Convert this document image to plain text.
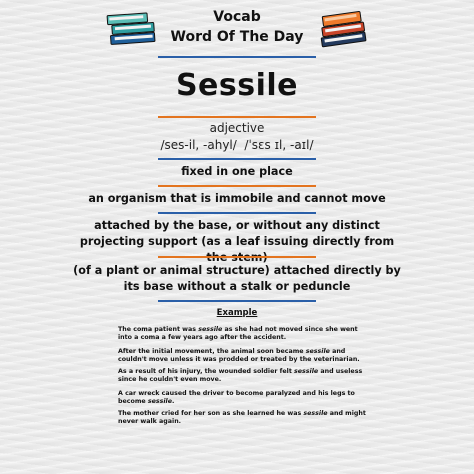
Vocab
Word Of The Day
Sessile
adjective
/ses-il, -ahyl/  /ˈsɛs ɪl, -aɪl/
fixed in one place
an organism that is immobile and cannot move
attached by the base, or without any distinct projecting support (as a leaf issuing directly from
(of a plant or animal structure) attached directly by its base without a stalk or peduncle
Example
The coma patient was sessile as she had not moved since she went into a coma a few years ago after the accident.
After the initial movement, the animal soon became sessile and couldn't move unless it was prodded or treated by the veterinarian.
As a result of his injury, the wounded soldier felt sessile and useless since he couldn't even move.
A car wreck caused the driver to become paralyzed and his legs to become sessile.
The mother cried for her son as she learned he was sessile and might never walk again.
